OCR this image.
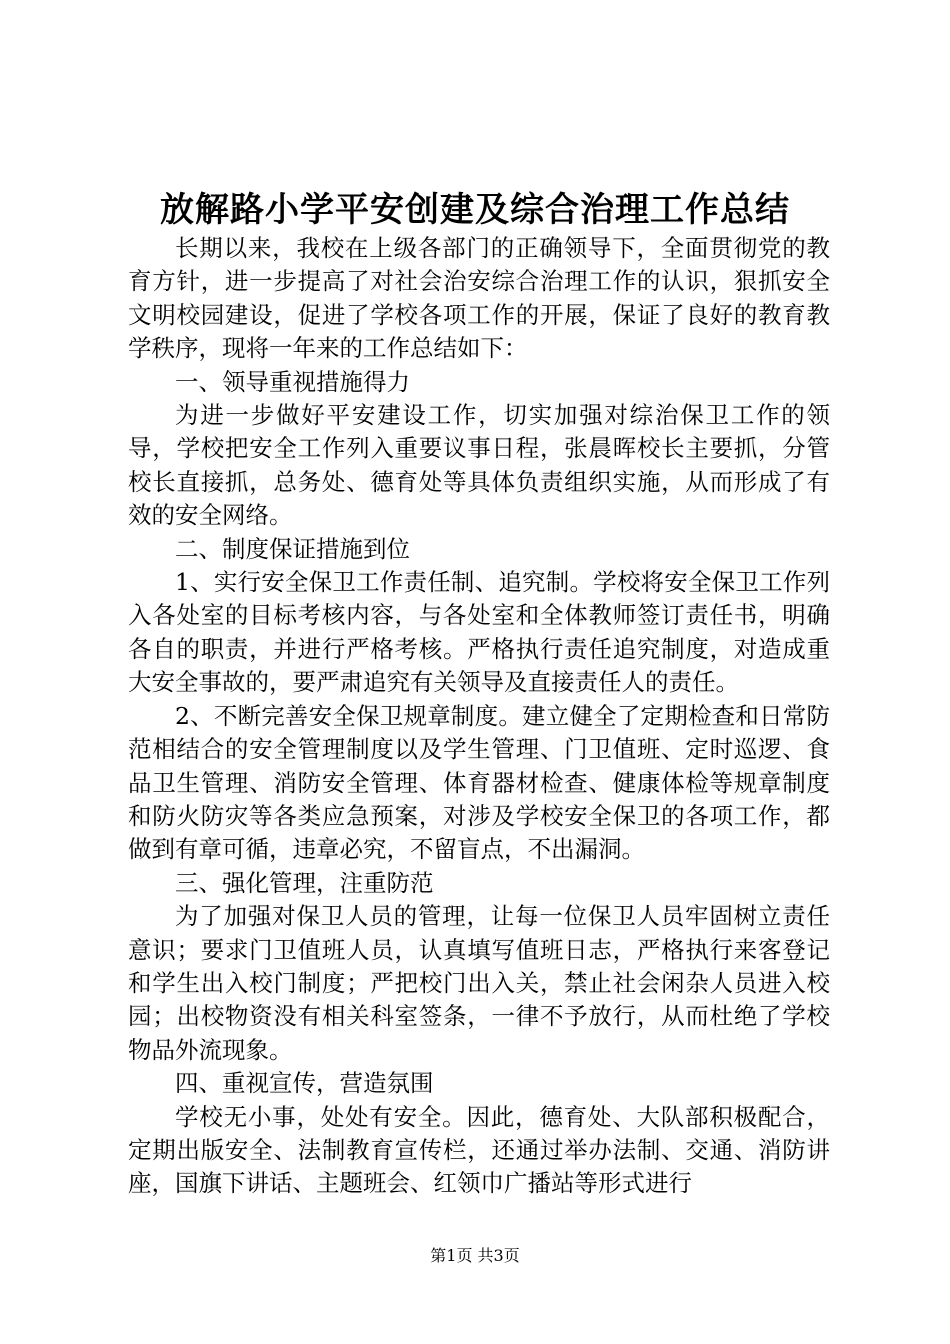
放解路小学平安创建及综合治理工作总结

长期以来，我校在上级各部门的正确领导下，全面贯彻党的教育方针，进一步提高了对社会治安综合治理工作的认识，狠抓安全文明校园建设，促进了学校各项工作的开展，保证了良好的教育教学秩序，现将一年来的工作总结如下：

一、领导重视措施得力

为进一步做好平安建设工作，切实加强对综治保卫工作的领导，学校把安全工作列入重要议事日程，张晨晖校长主要抓，分管校长直接抓，总务处、德育处等具体负责组织实施，从而形成了有效的安全网络。

二、制度保证措施到位

1、实行安全保卫工作责任制、追究制。学校将安全保卫工作列入各处室的目标考核内容，与各处室和全体教师签订责任书，明确各自的职责，并进行严格考核。严格执行责任追究制度，对造成重大安全事故的，要严肃追究有关领导及直接责任人的责任。

2、不断完善安全保卫规章制度。建立健全了定期检查和日常防范相结合的安全管理制度以及学生管理、门卫值班、定时巡逻、食品卫生管理、消防安全管理、体育器材检查、健康体检等规章制度和防火防灾等各类应急预案，对涉及学校安全保卫的各项工作，都做到有章可循，违章必究，不留盲点，不出漏洞。

三、强化管理，注重防范

为了加强对保卫人员的管理，让每一位保卫人员牢固树立责任意识；要求门卫值班人员，认真填写值班日志，严格执行来客登记和学生出入校门制度；严把校门出入关，禁止社会闲杂人员进入校园；出校物资没有相关科室签条，一律不予放行，从而杜绝了学校物品外流现象。

四、重视宣传，营造氛围

学校无小事，处处有安全。因此，德育处、大队部积极配合，定期出版安全、法制教育宣传栏，还通过举办法制、交通、消防讲座，国旗下讲话、主题班会、红领巾广播站等形式进行

第1页 共3页
